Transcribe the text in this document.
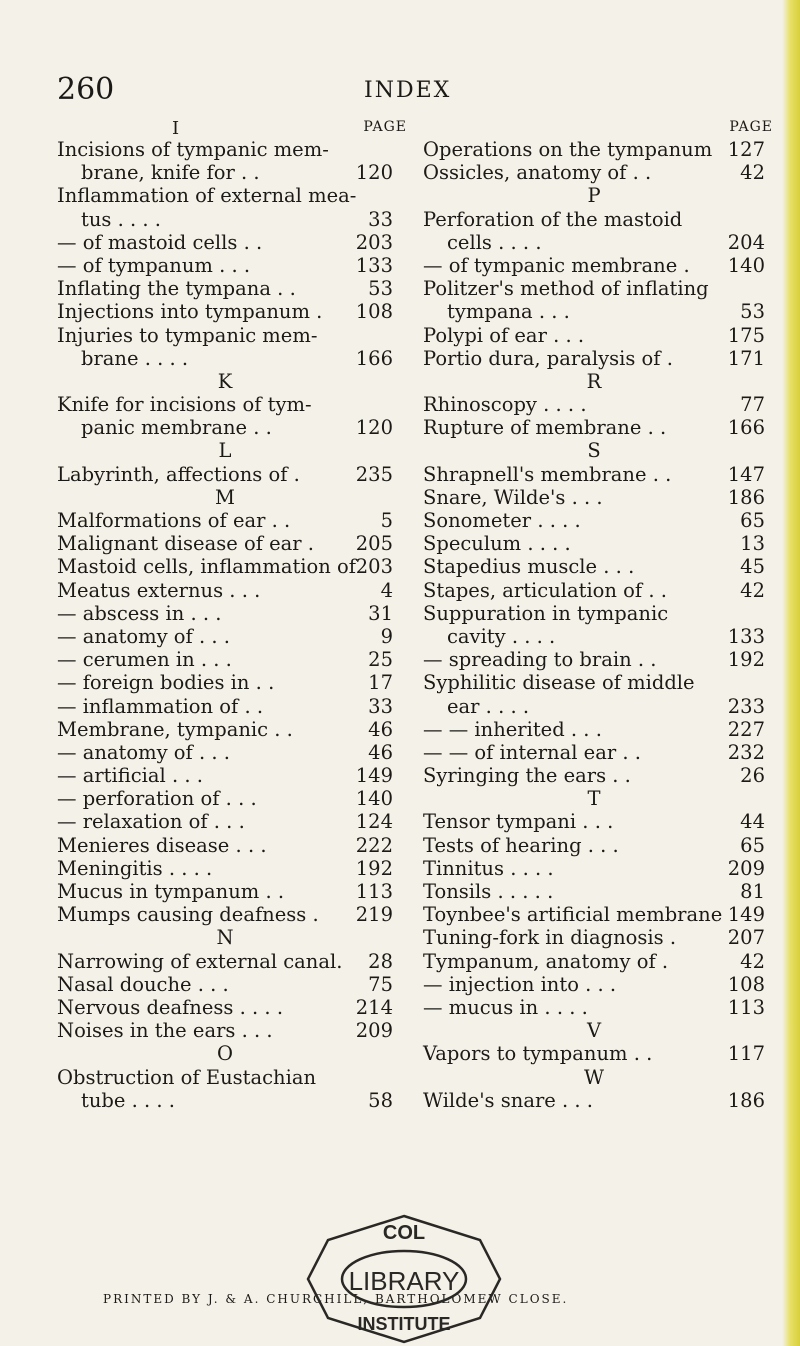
260	INDEX
I	PAGE	PAGE
Incisions of tympanic mem-
brane, knife for . .	120
Inflammation of external mea-
tus . . . .	33
— of mastoid cells . .	203
— of tympanum . . .	133
Inflating the tympana . .	53
Injections into tympanum . 108
Injuries to tympanic mem-
brane . . . .	166
K
Knife for incisions of tym-
panic membrane . .	120
L
Labyrinth, affections of .	235
M
Malformations of ear . .	5
Malignant disease of ear . 205
Mastoid cells, inflammation of 203
Meatus externus . . .	4
— abscess in . . .	31
— anatomy of . . .	9
— cerumen in . . .	25
— foreign bodies in . .	17
— inflammation of . .	33
Membrane, tympanic . .	46
— anatomy of . . .	46
— artificial . . .	149
— perforation of . . .	140
— relaxation of . . .	124
Menieres disease . . .	222
Meningitis . . . .	192
Mucus in tympanum . .	113
Mumps causing deafness . 219
N
Narrowing of external canal. 28
Nasal douche . . .	75
Nervous deafness . . . .	214
Noises in the ears . . .	209
O
Obstruction of Eustachian
tube . . . .	58
Operations on the tympanum 127
Ossicles, anatomy of . .	42
P
Perforation of the mastoid
cells . . . .	204
— of tympanic membrane . 140
Politzer's method of inflating
tympana . . .	53
Polypi of ear . . .	175
Portio dura, paralysis of .	171
R
Rhinoscopy . . . .	77
Rupture of membrane . .	166
S
Shrapnell's membrane . .	147
Snare, Wilde's . . .	186
Sonometer . . . .	65
Speculum . . . .	13
Stapedius muscle . . .	45
Stapes, articulation of . .	42
Suppuration in tympanic
cavity . . . .	133
— spreading to brain . .	192
Syphilitic disease of middle
ear . . . .	233
— — inherited . . .	227
— — of internal ear . .	232
Syringing the ears . .	26
T
Tensor tympani . . .	44
Tests of hearing . . .	65
Tinnitus . . . .	209
Tonsils . . . . .	81
Toynbee's artificial membrane 149
Tuning-fork in diagnosis .	207
Tympanum, anatomy of .	42
— injection into . . .	108
— mucus in . . . .	113
V
Vapors to tympanum . .	117
W
Wilde's snare . . .	186
PRINTED BY J. & A. CHURCHILL, BARTHOLOMEW CLOSE.
COL
LIBRARY
INSTITUTE
